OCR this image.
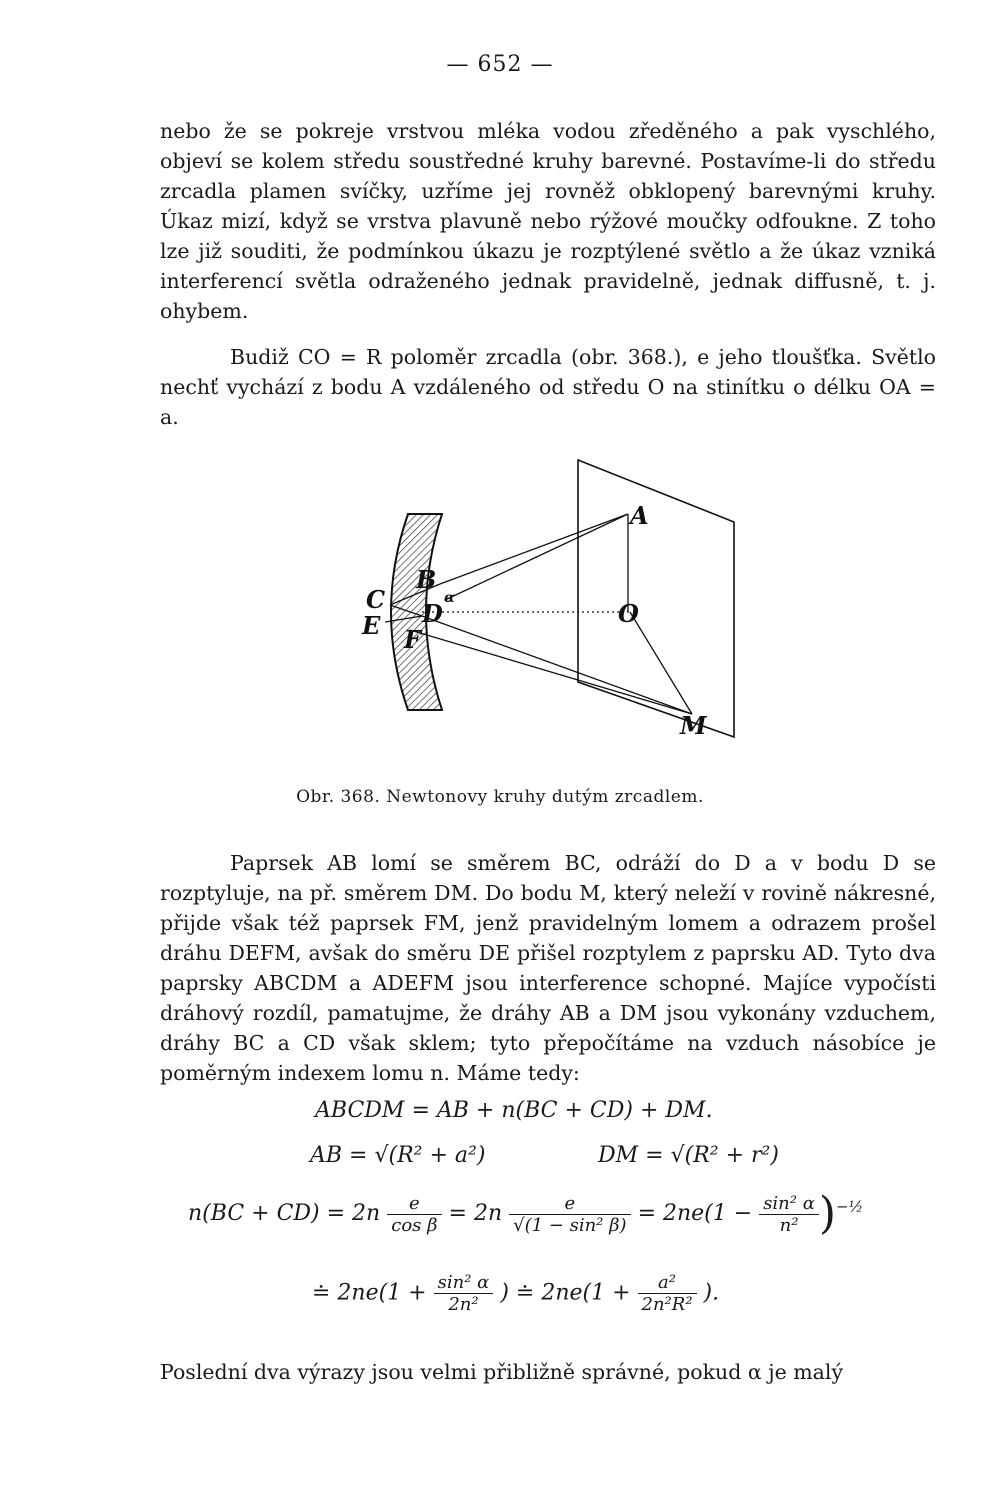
— 652 —

nebo že se pokreje vrstvou mléka vodou zředěného a pak vyschlého, objeví se kolem středu soustředné kruhy barevné. Postavíme-li do středu zrcadla plamen svíčky, uzříme jej rovněž obklopený barevnými kruhy. Úkaz mizí, když se vrstva plavuně nebo rýžové moučky odfoukne. Z toho lze již souditi, že podmínkou úkazu je rozptýlené světlo a že úkaz vzniká interferencí světla odraženého jednak pravidelně, jednak diffusně, t. j. ohybem.

Budiž CO = R poloměr zrcadla (obr. 368.), e jeho tloušťka. Světlo nechť vychází z bodu A vzdáleného od středu O na stinítku o délku OA = a.

A
B
C D
E F
O
M
α
Obr. 368. Newtonovy kruhy dutým zrcadlem.

Paprsek AB lomí se směrem BC, odráží do D a v bodu D se rozptyluje, na př. směrem DM. Do bodu M, který neleží v rovině nákresné, přijde však též paprsek FM, jenž pravidelným lomem a odrazem prošel dráhu DEFM, avšak do směru DE přišel rozptylem z paprsku AD. Tyto dva paprsky ABCDM a ADEFM jsou interference schopné. Majíce vypočísti dráhový rozdíl, pamatujme, že dráhy AB a DM jsou vykonány vzduchem, dráhy BC a CD však sklem; tyto přepočítáme na vzduch násobíce je poměrným indexem lomu n. Máme tedy:

ABCDM = AB + n(BC + CD) + DM.
AB = √(R² + a²)	DM = √(R² + r²)
$n(BC + CD) = 2n \frac{e}{\text{cos β}} = 2n \frac{e}{\text{√(1 − sin² β)}} = 2ne(1 - \frac{\text{sin² α}}{\text{n²}} )^{-\frac{1}{2}}$
≐ $2ne(1 + \frac{\text{sin² α}}{\text{2n²}}$ ) ≐ $2ne(1 + \frac{\text{a²}}{\text{2n²R²}}$ ).

Poslední dva výrazy jsou velmi přibližně správné, pokud α je malý
